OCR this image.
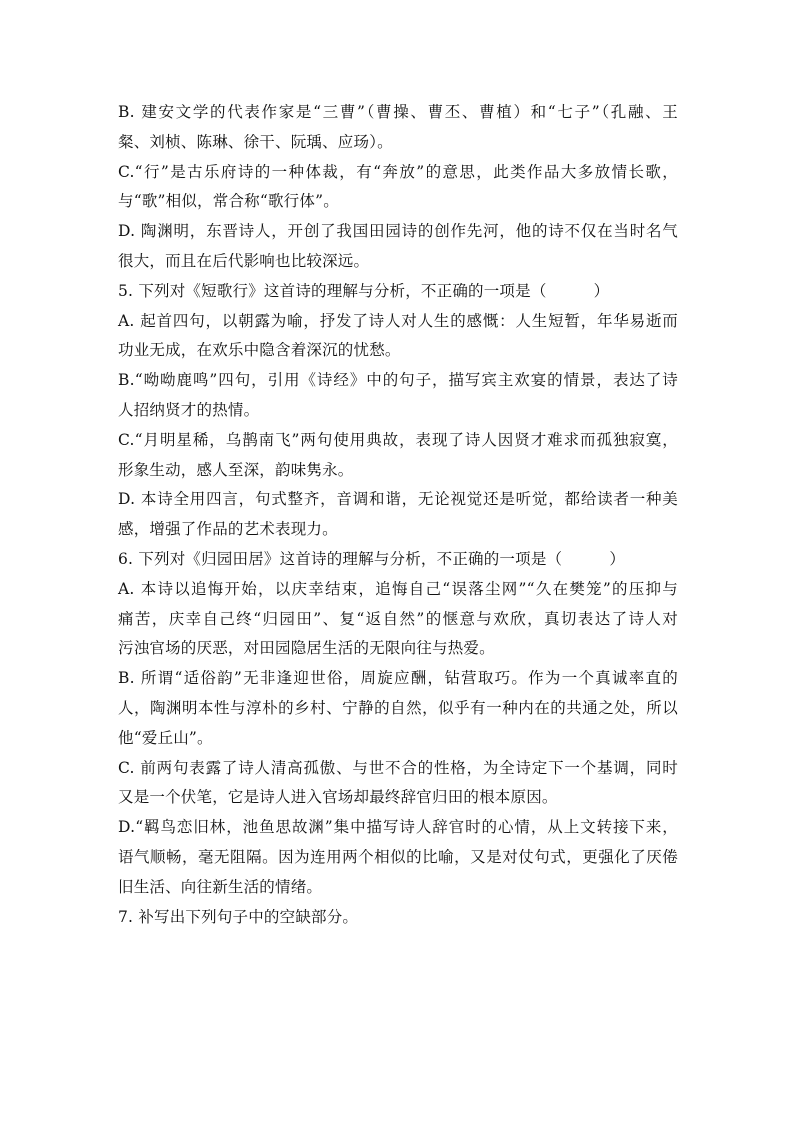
B. 建安文学的代表作家是“三曹”（曹操、曹丕、曹植）和“七子”（孔融、王
粲、刘桢、陈琳、徐干、阮瑀、应玚）。
C.“行”是古乐府诗的一种体裁，有“奔放”的意思，此类作品大多放情长歌，
与“歌”相似，常合称“歌行体”。
D. 陶渊明，东晋诗人，开创了我国田园诗的创作先河，他的诗不仅在当时名气
很大，而且在后代影响也比较深远。
5. 下列对《短歌行》这首诗的理解与分析，不正确的一项是（　　　）
A. 起首四句，以朝露为喻，抒发了诗人对人生的感慨：人生短暂，年华易逝而
功业无成，在欢乐中隐含着深沉的忧愁。
B.“呦呦鹿鸣”四句，引用《诗经》中的句子，描写宾主欢宴的情景，表达了诗
人招纳贤才的热情。
C.“月明星稀，乌鹊南飞”两句使用典故，表现了诗人因贤才难求而孤独寂寞，
形象生动，感人至深，韵味隽永。
D. 本诗全用四言，句式整齐，音调和谐，无论视觉还是听觉，都给读者一种美
感，增强了作品的艺术表现力。
6. 下列对《归园田居》这首诗的理解与分析，不正确的一项是（　　　）
A. 本诗以追悔开始，以庆幸结束，追悔自己“误落尘网”“久在樊笼”的压抑与
痛苦，庆幸自己终“归园田”、复“返自然”的惬意与欢欣，真切表达了诗人对
污浊官场的厌恶，对田园隐居生活的无限向往与热爱。
B. 所谓“适俗韵”无非逢迎世俗，周旋应酬，钻营取巧。作为一个真诚率直的
人，陶渊明本性与淳朴的乡村、宁静的自然，似乎有一种内在的共通之处，所以
他“爱丘山”。
C. 前两句表露了诗人清高孤傲、与世不合的性格，为全诗定下一个基调，同时
又是一个伏笔，它是诗人进入官场却最终辞官归田的根本原因。
D.“羁鸟恋旧林，池鱼思故渊”集中描写诗人辞官时的心情，从上文转接下来，
语气顺畅，毫无阻隔。因为连用两个相似的比喻，又是对仗句式，更强化了厌倦
旧生活、向往新生活的情绪。
7. 补写出下列句子中的空缺部分。
